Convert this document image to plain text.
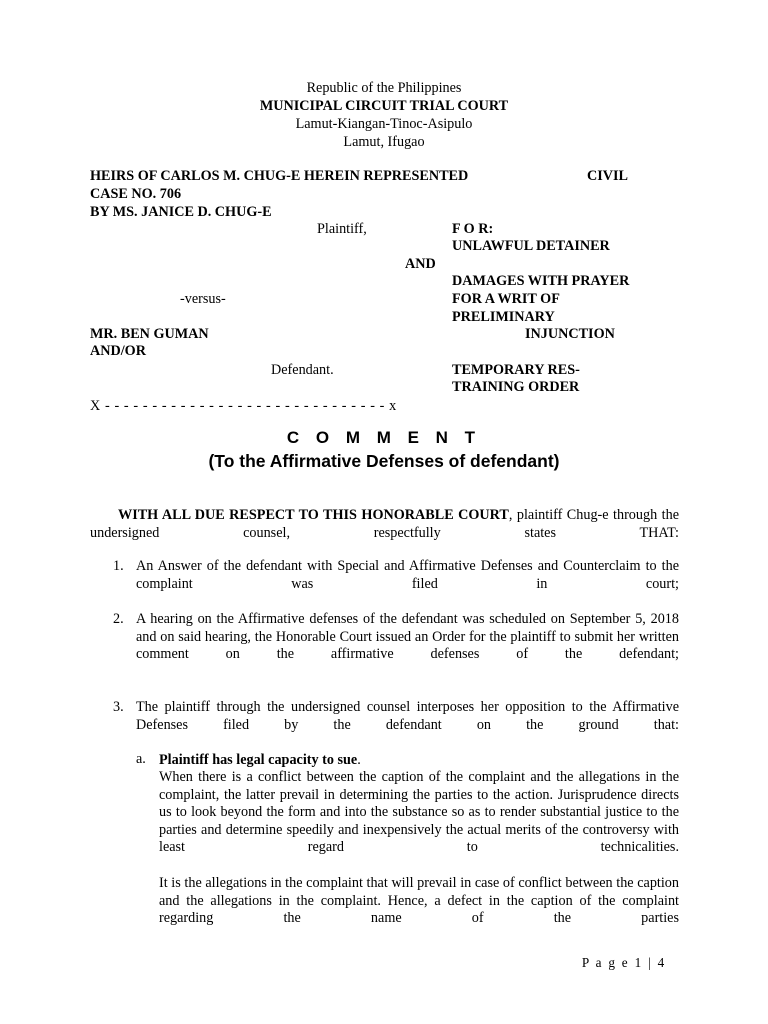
Republic of the Philippines
MUNICIPAL CIRCUIT TRIAL COURT
Lamut-Kiangan-Tinoc-Asipulo
Lamut, Ifugao
HEIRS OF CARLOS M. CHUG-E HEREIN REPRESENTED	CIVIL
CASE NO. 706
BY MS. JANICE D. CHUG-E
Plaintiff,	F O R:
UNLAWFUL DETAINER
AND
DAMAGES WITH PRAYER
-versus-	FOR A WRIT OF
PRELIMINARY
MR. BEN GUMAN	INJUNCTION
AND/OR
Defendant.	TEMPORARY RES-
TRAINING ORDER
X - - - - - - - - - - - - - - - - - - - - - - - - - - - - - - x
C O M M E N T
(To the Affirmative Defenses of defendant)
WITH ALL DUE RESPECT TO THIS HONORABLE COURT, plaintiff Chug-e through the undersigned counsel, respectfully states THAT:
1. An Answer of the defendant with Special and Affirmative Defenses and Counterclaim to the complaint was filed in court;
2. A hearing on the Affirmative defenses of the defendant was scheduled on September 5, 2018 and on said hearing, the Honorable Court issued an Order for the plaintiff to submit her written comment on the affirmative defenses of the defendant;
3. The plaintiff through the undersigned counsel interposes her opposition to the Affirmative Defenses filed by the defendant on the ground that:
a. Plaintiff has legal capacity to sue.
When there is a conflict between the caption of the complaint and the allegations in the complaint, the latter prevail in determining the parties to the action. Jurisprudence directs us to look beyond the form and into the substance so as to render substantial justice to the parties and determine speedily and inexpensively the actual merits of the controversy with least regard to technicalities.
It is the allegations in the complaint that will prevail in case of conflict between the caption and the allegations in the complaint. Hence, a defect in the caption of the complaint regarding the name of the parties
P a g e 1 | 4
